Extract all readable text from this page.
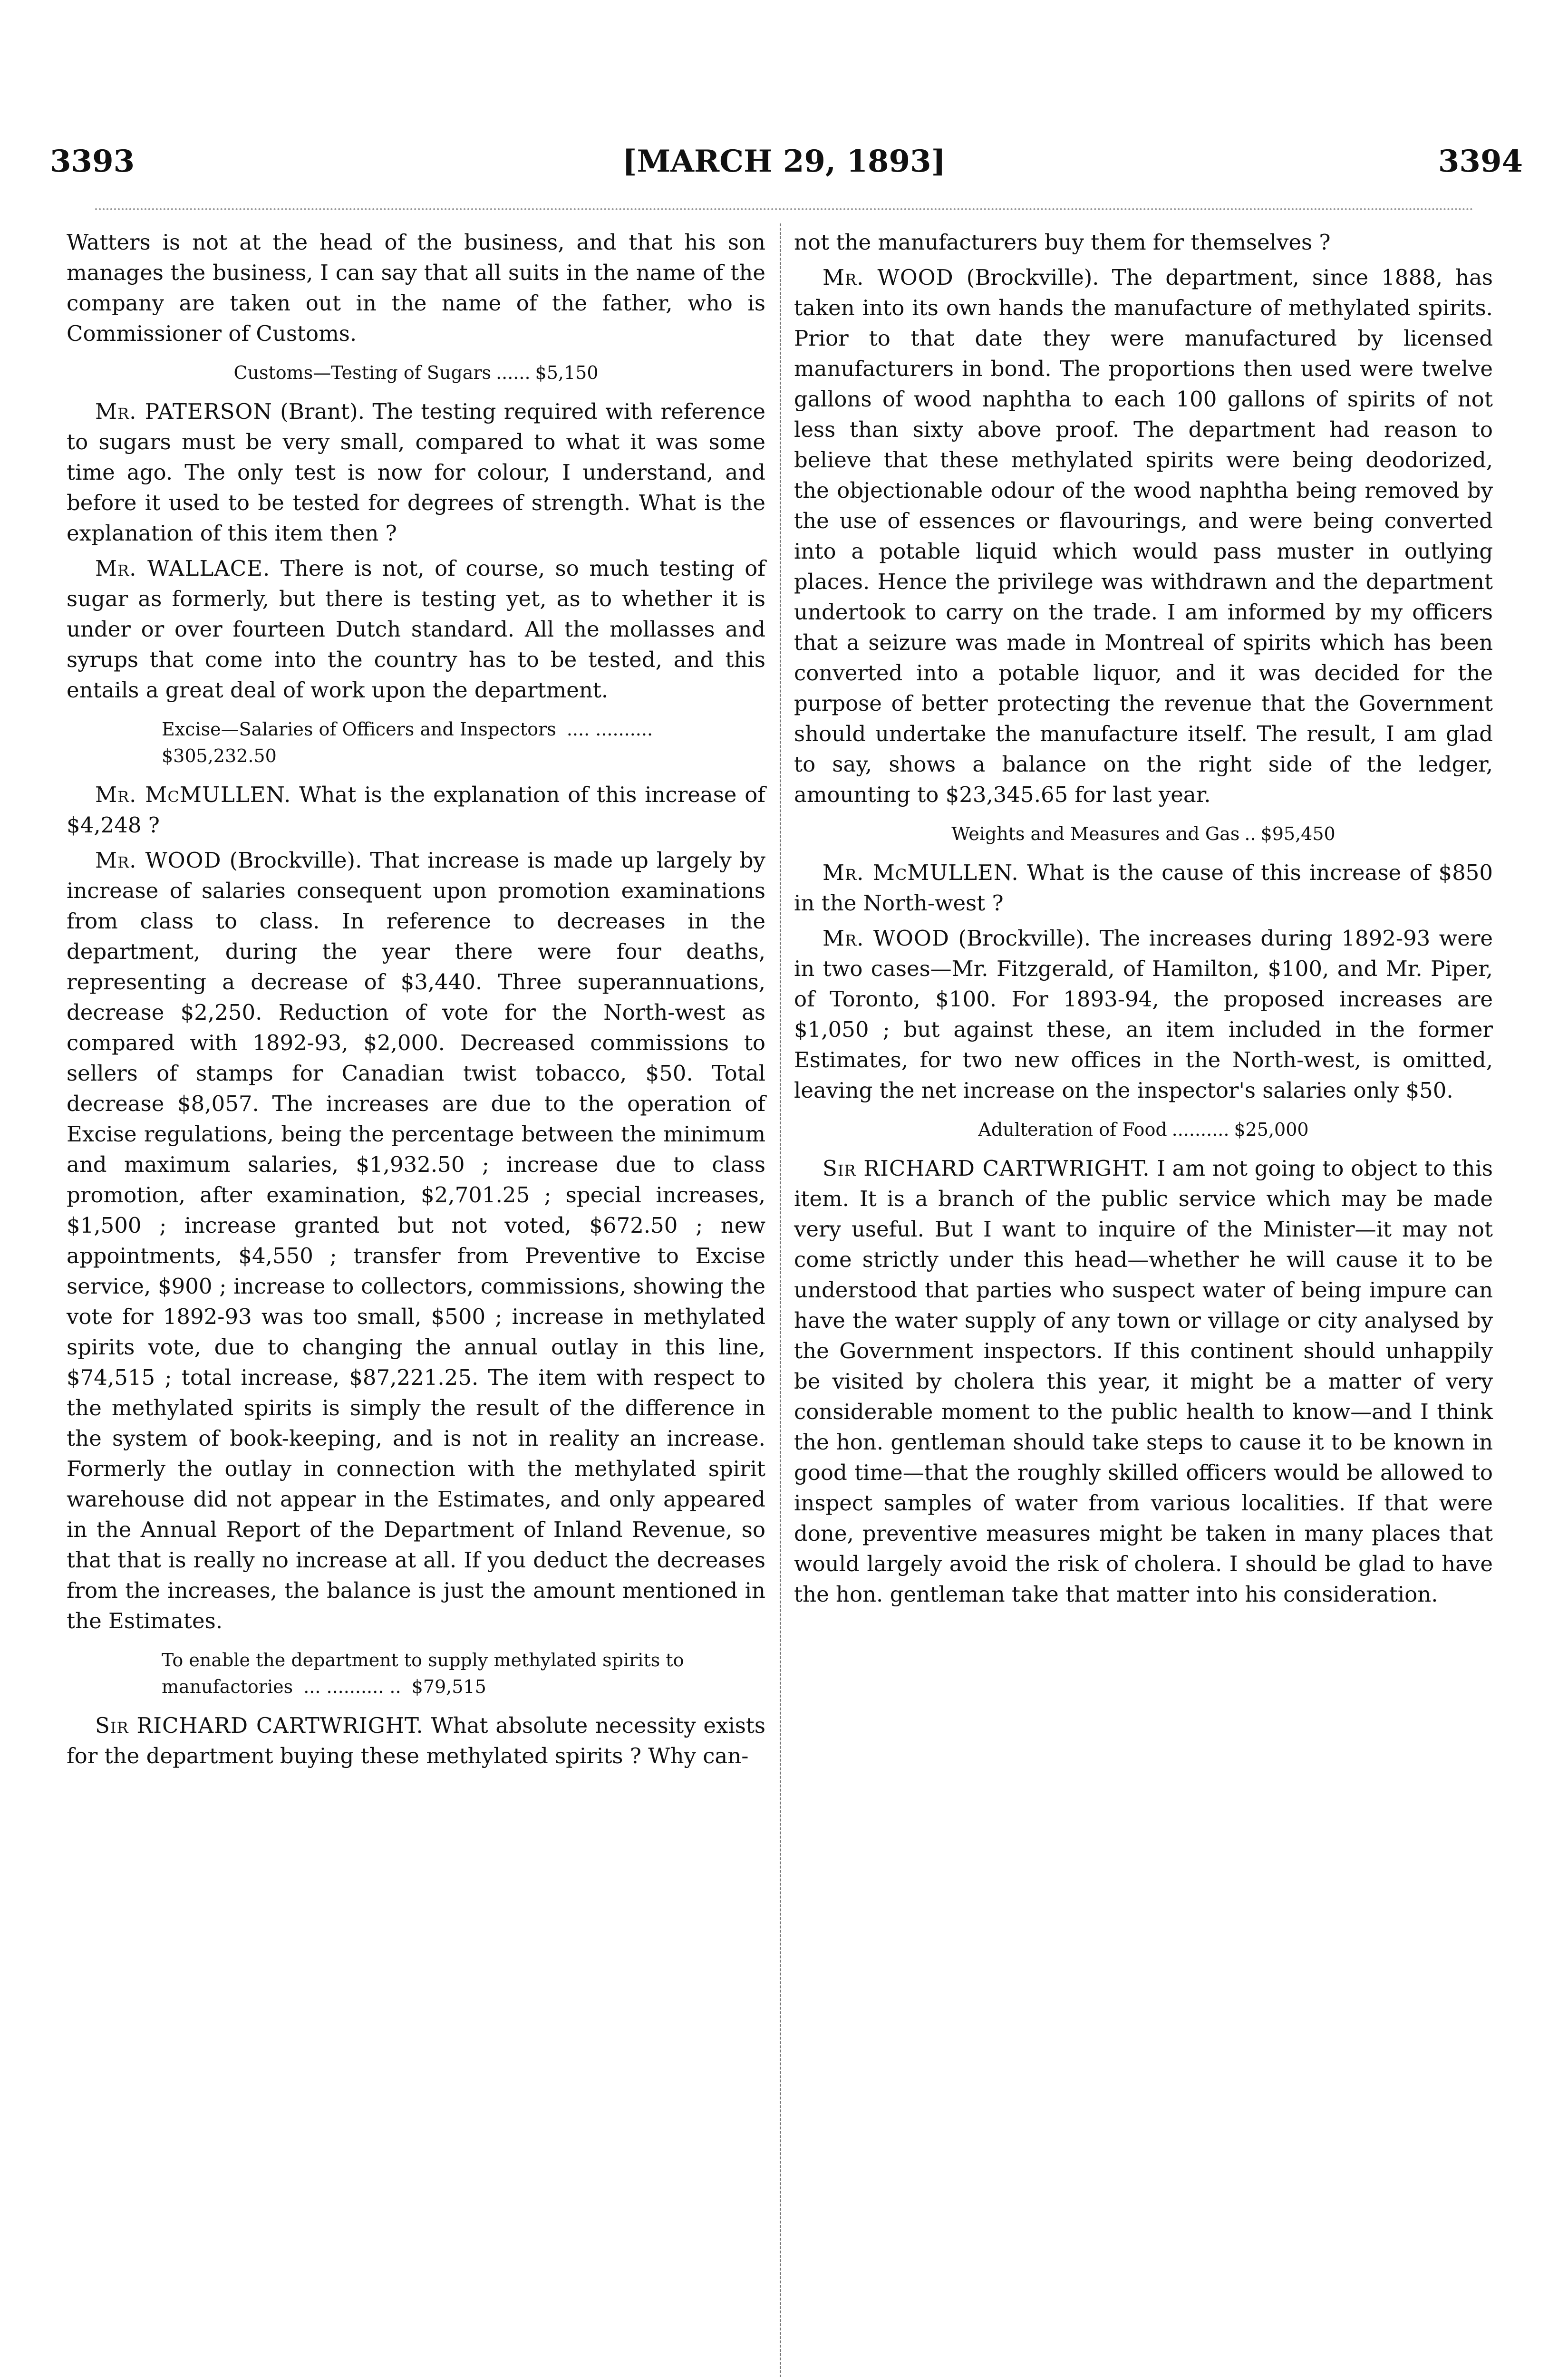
3393	[MARCH 29, 1893]	3394

Watters is not at the head of the business, and that his son manages the business, I can say that all suits in the name of the company are taken out in the name of the father, who is Commissioner of Customs.

Customs—Testing of Sugars ...... $5,150

Mr. PATERSON (Brant). The testing required with reference to sugars must be very small, compared to what it was some time ago. The only test is now for colour, I understand, and before it used to be tested for degrees of strength. What is the explanation of this item then ?

Mr. WALLACE. There is not, of course, so much testing of sugar as formerly, but there is testing yet, as to whether it is under or over fourteen Dutch standard. All the mollasses and syrups that come into the country has to be tested, and this entails a great deal of work upon the department.

Excise—Salaries of Officers and Inspectors .... .......... $305,232.50

Mr. McMULLEN. What is the explanation of this increase of $4,248 ?

Mr. WOOD (Brockville). That increase is made up largely by increase of salaries consequent upon promotion examinations from class to class. In reference to decreases in the department, during the year there were four deaths, representing a decrease of $3,440. Three superannuations, decrease $2,250. Reduction of vote for the North-west as compared with 1892-93, $2,000. Decreased commissions to sellers of stamps for Canadian twist tobacco, $50. Total decrease $8,057. The increases are due to the operation of Excise regulations, being the percentage between the minimum and maximum salaries, $1,932.50 ; increase due to class promotion, after examination, $2,701.25 ; special increases, $1,500 ; increase granted but not voted, $672.50 ; new appointments, $4,550 ; transfer from Preventive to Excise service, $900 ; increase to collectors, commissions, showing the vote for 1892-93 was too small, $500 ; increase in methylated spirits vote, due to changing the annual outlay in this line, $74,515 ; total increase, $87,221.25. The item with respect to the methylated spirits is simply the result of the difference in the system of book-keeping, and is not in reality an increase. Formerly the outlay in connection with the methylated spirit warehouse did not appear in the Estimates, and only appeared in the Annual Report of the Department of Inland Revenue, so that that is really no increase at all. If you deduct the decreases from the increases, the balance is just the amount mentioned in the Estimates.

To enable the department to supply methylated spirits to manufactories ... .......... .. $79,515

Sir RICHARD CARTWRIGHT. What absolute necessity exists for the department buying these methylated spirits ? Why can-

not the manufacturers buy them for themselves ?

Mr. WOOD (Brockville). The department, since 1888, has taken into its own hands the manufacture of methylated spirits. Prior to that date they were manufactured by licensed manufacturers in bond. The proportions then used were twelve gallons of wood naphtha to each 100 gallons of spirits of not less than sixty above proof. The department had reason to believe that these methylated spirits were being deodorized, the objectionable odour of the wood naphtha being removed by the use of essences or flavourings, and were being converted into a potable liquid which would pass muster in outlying places. Hence the privilege was withdrawn and the department undertook to carry on the trade. I am informed by my officers that a seizure was made in Montreal of spirits which has been converted into a potable liquor, and it was decided for the purpose of better protecting the revenue that the Government should undertake the manufacture itself. The result, I am glad to say, shows a balance on the right side of the ledger, amounting to $23,345.65 for last year.

Weights and Measures and Gas .. $95,450

Mr. McMULLEN. What is the cause of this increase of $850 in the North-west ?

Mr. WOOD (Brockville). The increases during 1892-93 were in two cases—Mr. Fitzgerald, of Hamilton, $100, and Mr. Piper, of Toronto, $100. For 1893-94, the proposed increases are $1,050 ; but against these, an item included in the former Estimates, for two new offices in the North-west, is omitted, leaving the net increase on the inspector's salaries only $50.

Adulteration of Food .......... $25,000

Sir RICHARD CARTWRIGHT. I am not going to object to this item. It is a branch of the public service which may be made very useful. But I want to inquire of the Minister—it may not come strictly under this head—whether he will cause it to be understood that parties who suspect water of being impure can have the water supply of any town or village or city analysed by the Government inspectors. If this continent should unhappily be visited by cholera this year, it might be a matter of very considerable moment to the public health to know—and I think the hon. gentleman should take steps to cause it to be known in good time—that the roughly skilled officers would be allowed to inspect samples of water from various localities. If that were done, preventive measures might be taken in many places that would largely avoid the risk of cholera. I should be glad to have the hon. gentleman take that matter into his consideration.
